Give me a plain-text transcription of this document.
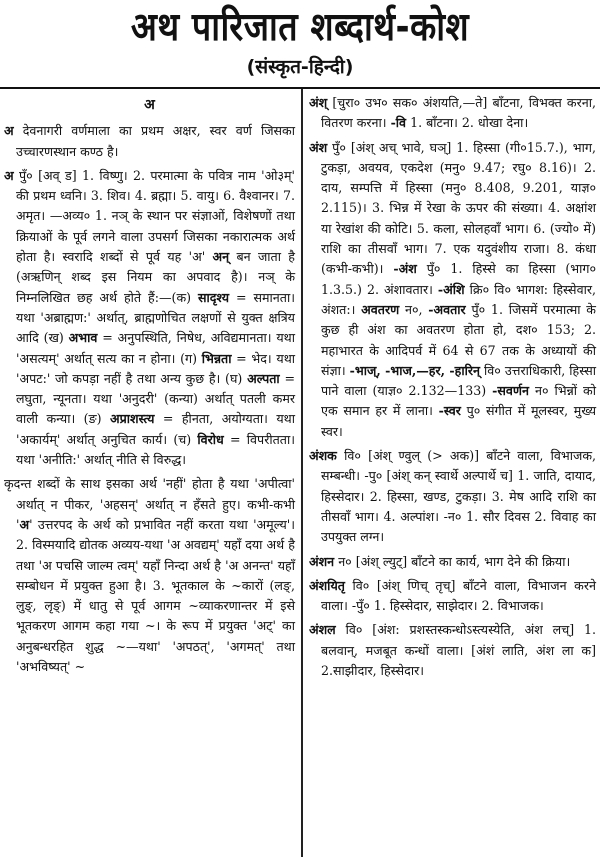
अथ पारिजात शब्दार्थ-कोश
(संस्कृत-हिन्दी)
अ

अ देवनागरी वर्णमाला का प्रथम अक्षर, स्वर वर्ण जिसका उच्चारणस्थान कण्ठ है।

अ पुँ० [अव् ड] 1. विष्णु। 2. परमात्मा के पवित्र नाम 'ओ३म्' की प्रथम ध्वनि। 3. शिव। 4. ब्रह्मा। 5. वायु। 6. वैश्वानर। 7. अमृत। —अव्य० 1. नञ् के स्थान पर संज्ञाओं, विशेषणों तथा क्रियाओं के पूर्व लगने वाला उपसर्ग जिसका नकारात्मक अर्थ होता है। स्वरादि शब्दों से पूर्व यह 'अ' अन् बन जाता है (अऋणिन् शब्द इस नियम का अपवाद है)। नञ् के निम्नलिखित छह अर्थ होते हैं:—(क) सादृश्य = समानता। यथा 'अब्राह्मण:' अर्थात्, ब्राह्मणोचित लक्षणों से युक्त क्षत्रिय आदि (ख) अभाव = अनुपस्थिति, निषेध, अविद्यमानता। यथा 'असत्यम्' अर्थात् सत्य का न होना। (ग) भिन्नता = भेद। यथा 'अपट:' जो कपड़ा नहीं है तथा अन्य कुछ है। (घ) अल्पता = लघुता, न्यूनता। यथा 'अनुदरी' (कन्या) अर्थात् पतली कमर वाली कन्या। (ङ) अप्राशस्त्य = हीनता, अयोग्यता। यथा 'अकार्यम्' अर्थात् अनुचित कार्य। (च) विरोध = विपरीतता। यथा 'अनीति:' अर्थात् नीति से विरुद्ध।

कृदन्त शब्दों के साथ इसका अर्थ 'नहीं' होता है यथा 'अपीत्वा' अर्थात् न पीकर, 'अहसन्' अर्थात् न हँसते हुए। कभी-कभी 'अ' उत्तरपद के अर्थ को प्रभावित नहीं करता यथा 'अमूल्य'। 2. विस्मयादि द्योतक अव्यय-यथा 'अ अवद्यम्' यहाँ दया अर्थ है तथा 'अ पचसि जाल्म त्वम्' यहाँ निन्दा अर्थ है 'अ अनन्त' यहाँ सम्बोधन में प्रयुक्त हुआ है। 3. भूतकाल के ~कारों (लङ्, लुङ्, लृङ्) में धातु से पूर्व आगम ~व्याकरणान्तर में इसे भूतकरण आगम कहा गया ~। के रूप में प्रयुक्त 'अट्' का अनुबन्धरहित शुद्ध ~—यथा' 'अपठत्', 'अगमत्' तथा 'अभविष्यत्' ~

अंश् [चुरा० उभ० सक० अंशयति,—ते] बाँटना, विभक्त करना, वितरण करना। -वि 1. बाँटना। 2. धोखा देना।

अंश पुँ० [अंश् अच् भावे, घञ्] 1. हिस्सा (गी०15.7.), भाग, टुकड़ा, अवयव, एकदेश (मनु० 9.47; रघु० 8.16)। 2. दाय, सम्पत्ति में हिस्सा (मनु० 8.408, 9.201, याज्ञ० 2.115)। 3. भिन्न में रेखा के ऊपर की संख्या। 4. अक्षांश या रेखांश की कोटि। 5. कला, सोलहवाँ भाग। 6. (ज्यो० में) राशि का तीसवाँ भाग। 7. एक यदुवंशीय राजा। 8. कंधा (कभी-कभी)। -अंश पुँ० 1. हिस्से का हिस्सा (भाग० 1.3.5.) 2. अंशावतार। -अंशि क्रि० वि० भागश: हिस्सेवार, अंशत:। अवतरण न०, -अवतार पुँ० 1. जिसमें परमात्मा के कुछ ही अंश का अवतरण होता हो, दश० 153; 2. महाभारत के आदिपर्व में 64 से 67 तक के अध्यायों की संज्ञा। -भाज्, -भाज,—हर, -हारिन् वि० उत्तराधिकारी, हिस्सा पाने वाला (याज्ञ० 2.132—133) -सवर्णन न० भिन्नों को एक समान हर में लाना। -स्वर पु० संगीत में मूलस्वर, मुख्य स्वर।

अंशक वि० [अंश् ण्वुल् (> अक)] बाँटने वाला, विभाजक, सम्बन्धी। -पु० [अंश् कन् स्वार्थे अल्पार्थे च] 1. जाति, दायाद, हिस्सेदार। 2. हिस्सा, खण्ड, टुकड़ा। 3. मेष आदि राशि का तीसवाँ भाग। 4. अल्पांश। -न० 1. सौर दिवस 2. विवाह का उपयुक्त लग्न।

अंशन न० [अंश् ल्युट्] बाँटने का कार्य, भाग देने की क्रिया।

अंशयितृ वि० [अंश् णिच् तृच्] बाँटने वाला, विभाजन करने वाला। -पुँ० 1. हिस्सेदार, साझेदार। 2. विभाजक।

अंशल वि० [अंश: प्रशस्तस्कन्धोऽस्त्यस्येति, अंश लच्] 1. बलवान्, मजबूत कन्धों वाला। [अंशं लाति, अंश ला क] 2.साझीदार, हिस्सेदार।
